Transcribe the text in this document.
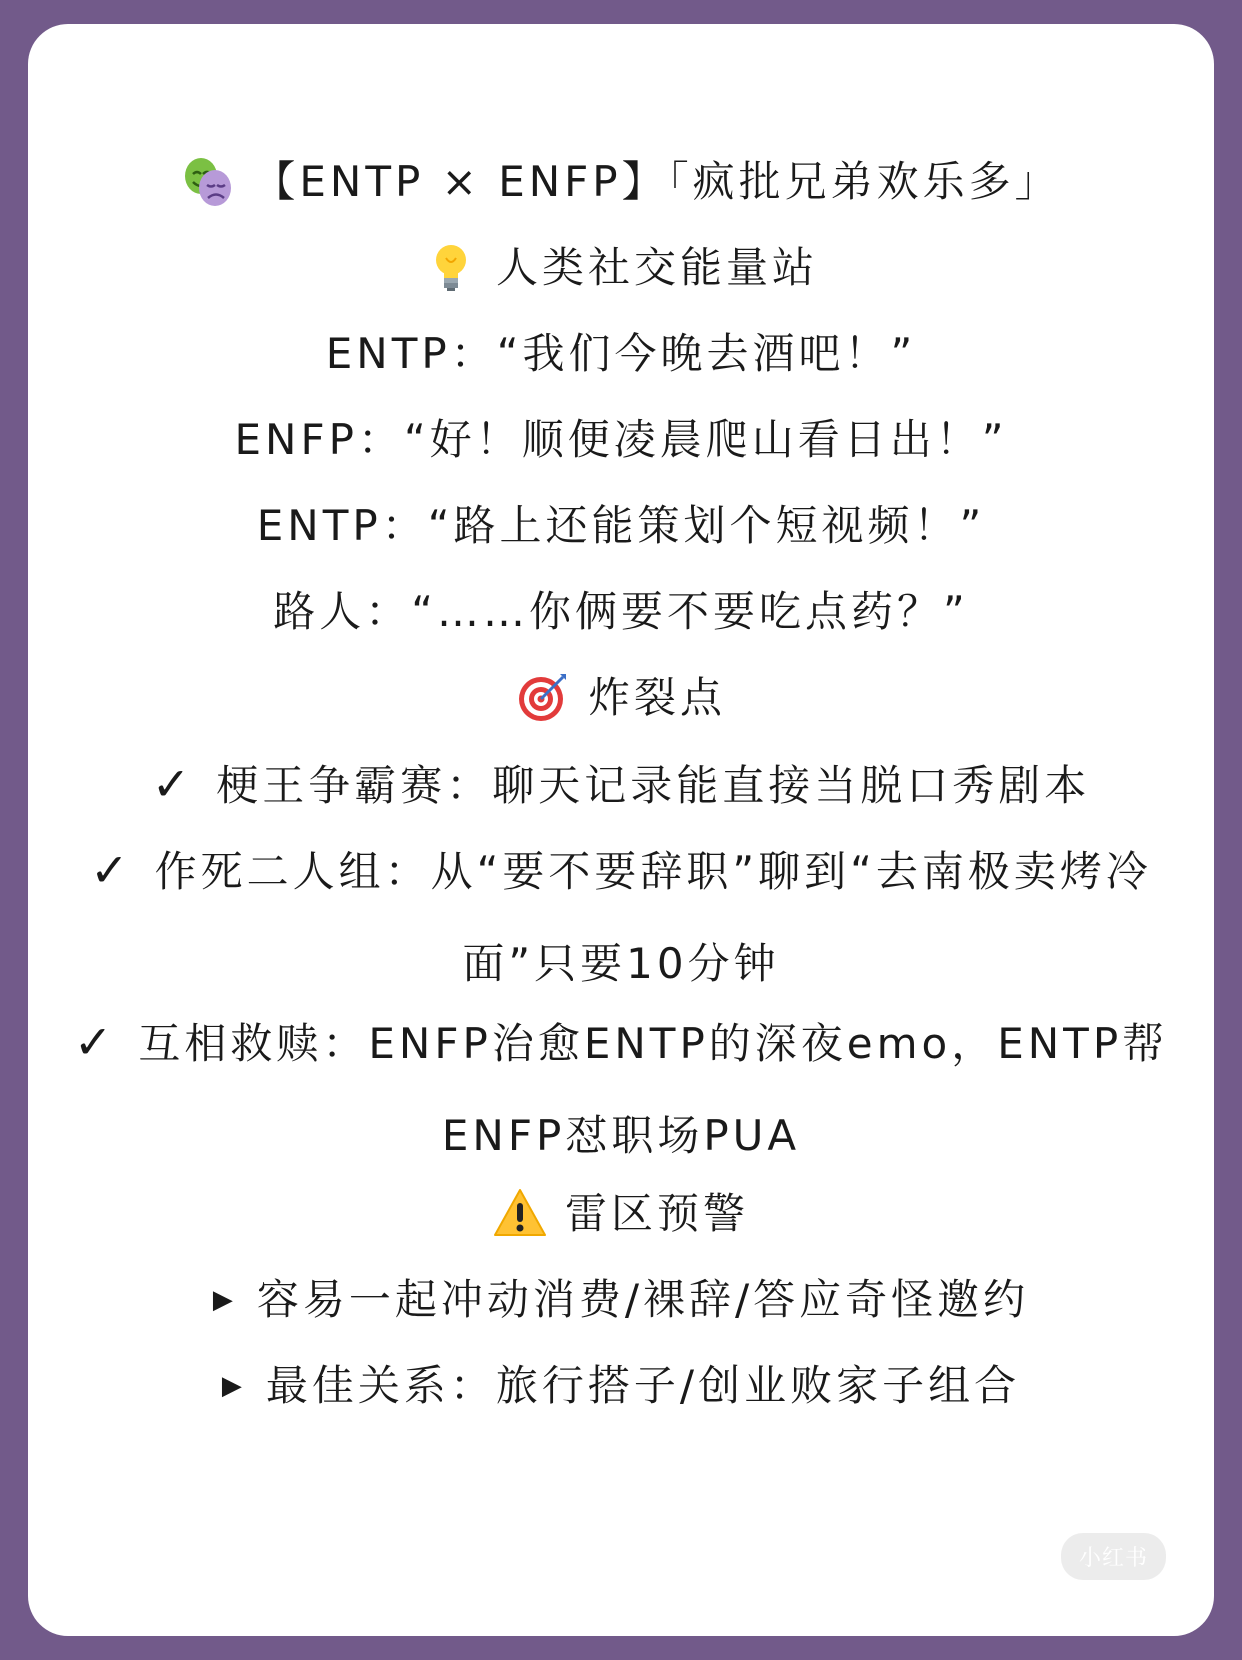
【ENTP × ENFP】「疯批兄弟欢乐多」
人类社交能量站
ENTP：“我们今晚去酒吧！”
ENFP：“好！顺便凌晨爬山看日出！”
ENTP：“路上还能策划个短视频！”
路人：“……你俩要不要吃点药？”
炸裂点
✓ 梗王争霸赛：聊天记录能直接当脱口秀剧本
✓ 作死二人组：从“要不要辞职”聊到“去南极卖烤冷面”只要10分钟
✓ 互相救赎：ENFP治愈ENTP的深夜emo，ENTP帮ENFP怼职场PUA
雷区预警
▶ 容易一起冲动消费/裸辞/答应奇怪邀约
▶ 最佳关系：旅行搭子/创业败家子组合
小红书
